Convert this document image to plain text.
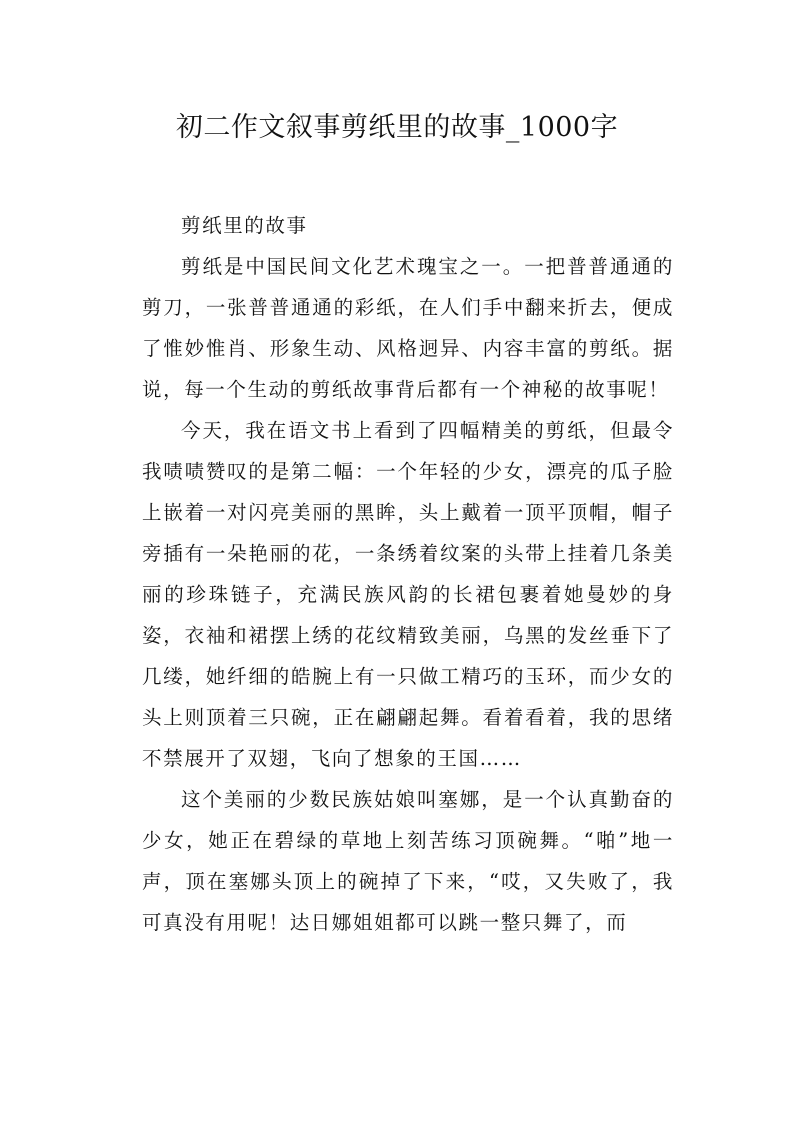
初二作文叙事剪纸里的故事_1000字

剪纸里的故事

剪纸是中国民间文化艺术瑰宝之一。一把普普通通的剪刀，一张普普通通的彩纸，在人们手中翻来折去，便成了惟妙惟肖、形象生动、风格迥异、内容丰富的剪纸。据说，每一个生动的剪纸故事背后都有一个神秘的故事呢！

今天，我在语文书上看到了四幅精美的剪纸，但最令我啧啧赞叹的是第二幅：一个年轻的少女，漂亮的瓜子脸上嵌着一对闪亮美丽的黑眸，头上戴着一顶平顶帽，帽子旁插有一朵艳丽的花，一条绣着纹案的头带上挂着几条美丽的珍珠链子，充满民族风韵的长裙包裹着她曼妙的身姿，衣袖和裙摆上绣的花纹精致美丽，乌黑的发丝垂下了几缕，她纤细的皓腕上有一只做工精巧的玉环，而少女的头上则顶着三只碗，正在翩翩起舞。看着看着，我的思绪不禁展开了双翅，飞向了想象的王国……

这个美丽的少数民族姑娘叫塞娜，是一个认真勤奋的少女，她正在碧绿的草地上刻苦练习顶碗舞。“啪”地一声，顶在塞娜头顶上的碗掉了下来，“哎，又失败了，我可真没有用呢！达日娜姐姐都可以跳一整只舞了，而
